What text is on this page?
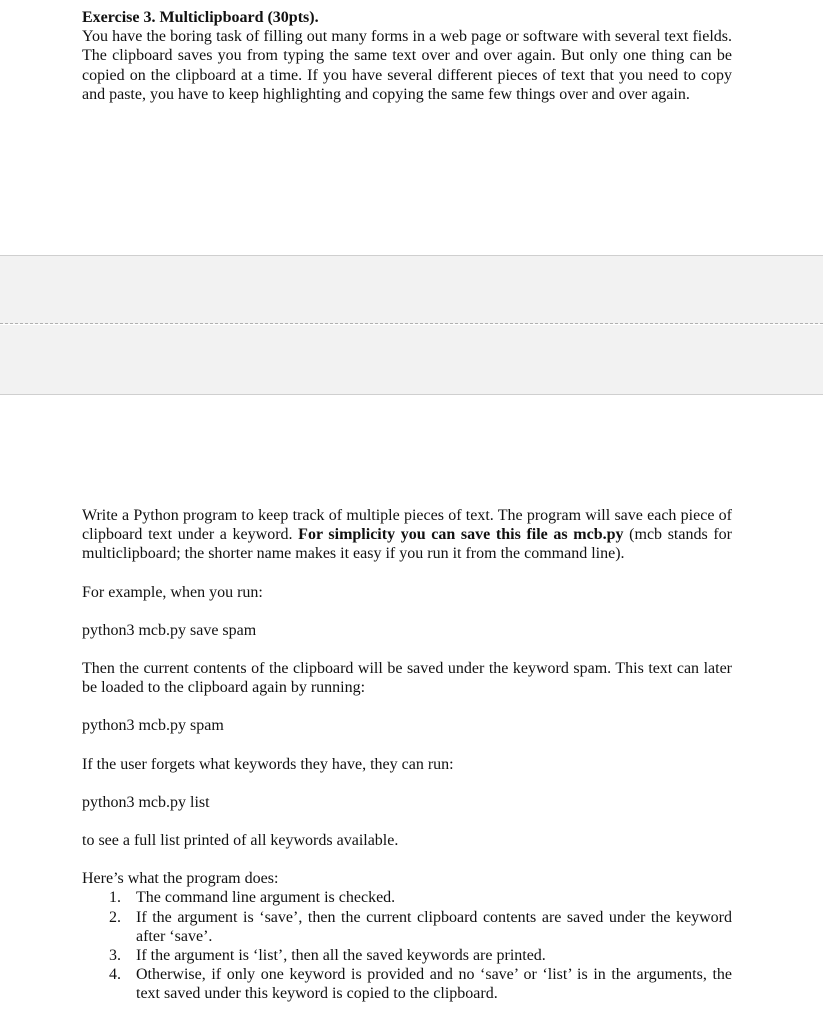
Exercise 3. Multiclipboard (30pts).

You have the boring task of filling out many forms in a web page or software with several text fields. The clipboard saves you from typing the same text over and over again. But only one thing can be copied on the clipboard at a time. If you have several different pieces of text that you need to copy and paste, you have to keep highlighting and copying the same few things over and over again.

Write a Python program to keep track of multiple pieces of text. The program will save each piece of clipboard text under a keyword. For simplicity you can save this file as mcb.py (mcb stands for multiclipboard; the shorter name makes it easy if you run it from the command line).

For example, when you run:

python3 mcb.py save spam

Then the current contents of the clipboard will be saved under the keyword spam. This text can later be loaded to the clipboard again by running:

python3 mcb.py spam

If the user forgets what keywords they have, they can run:

python3 mcb.py list

to see a full list printed of all keywords available.

Here’s what the program does:

1. The command line argument is checked.
2. If the argument is ‘save’, then the current clipboard contents are saved under the keyword after ‘save’.
3. If the argument is ‘list’, then all the saved keywords are printed.
4. Otherwise, if only one keyword is provided and no ‘save’ or ‘list’ is in the arguments, the text saved under this keyword is copied to the clipboard.
